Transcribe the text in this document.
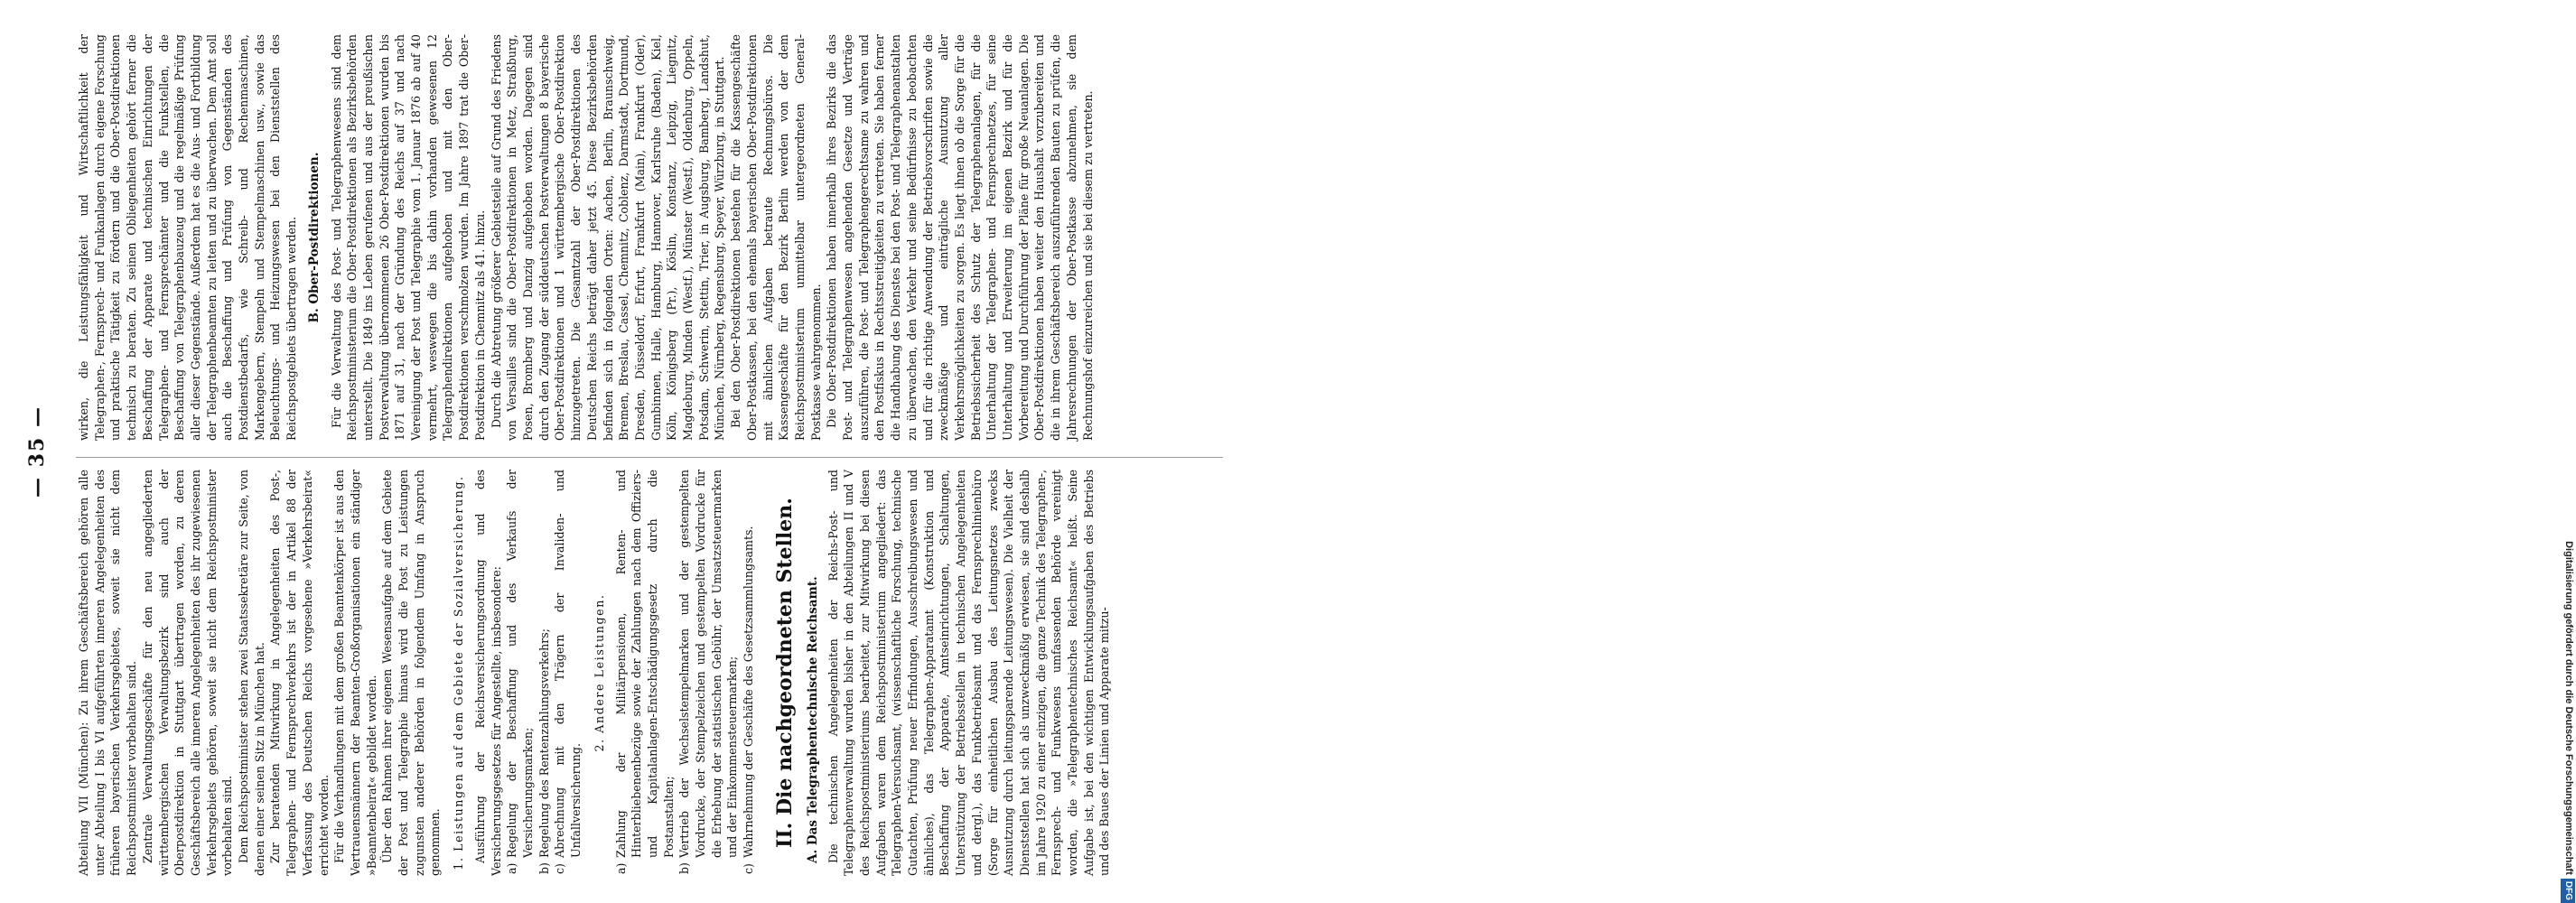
— 35 —

Abteilung VII (München): Zu ihrem Geschäftsbereich gehören alle unter Abteilung I bis VI aufgeführten inneren Angelegenheiten des früheren bayerischen Verkehrsgebietes, soweit sie nicht dem Reichspostminister vorbehalten sind. Zentrale Verwaltungsgeschäfte für den neu angegliederten württembergischen Verwaltungsbezirk sind auch der Oberpostdirektion in Stuttgart übertragen worden, zu deren Geschäftsbereich alle inneren Angelegenheiten des ihr zugewiesenen Verkehrsgebiets gehören, soweit sie nicht dem Reichspostminister vorbehalten sind. Dem Reichspostminister stehen zwei Staatssekretäre zur Seite, von denen einer seinen Sitz in München hat. Zur beratenden Mitwirkung in Angelegenheiten des Post-, Telegraphen- und Fernsprechverkehrs ist der in Artikel 88 der Verfassung des Deutschen Reichs vorgesehene »Verkehrsbeirat« errichtet worden. Für die Verhandlungen mit dem großen Beamtenkörper ist aus den Vertrauensmännern der Beamten-Großorganisationen ein ständiger »Beamtenbeirat« gebildet worden. Über den Rahmen ihrer eigenen Wesensaufgabe auf dem Gebiete der Post und Telegraphie hinaus wird die Post zu Leistungen zugunsten anderer Behörden in folgendem Umfang in Anspruch genommen. 1. Leistungen auf dem Gebiete der Sozialversicherung. Ausführung der Reichsversicherungsordnung und des Versicherungsgesetzes für Angestellte, insbesondere: a)
Regelung der Beschaffung und des Verkaufs der Versicherungsmarken;
b)
Regelung des Rentenzahlungsverkehrs;
c)
Abrechnung mit den Trägern der Invaliden- und Unfallversicherung.
2. Andere Leistungen.
a)
Zahlung der Militärpensionen, Renten- und Hinterbliebenenbezüge sowie der Zahlungen nach dem Offiziers- und Kapitalanlagen-Entschädigungsgesetz durch die Postanstalten;
b)
Vertrieb der Wechselstempelmarken und der gestempelten Vordrucke, der Stempelzeichen und gestempelten Vordrucke für die Erhebung der statistischen Gebühr, der Umsatzsteuermarken und der Einkommensteuermarken;
c)
Wahrnehmung der Geschäfte des Gesetzsammlungsamts. II. Die nachgeordneten Stellen. A. Das Telegraphentechnische Reichsamt. Die technischen Angelegenheiten der Reichs-Post- und Telegraphenverwaltung wurden bisher in den Abteilungen II und V des Reichspostministeriums bearbeitet, zur Mitwirkung bei diesen Aufgaben waren dem Reichspostministerium angegliedert: das Telegraphen-Versuchsamt, (wissenschaftliche Forschung, technische Gutachten, Prüfung neuer Erfindungen, Ausschreibungswesen und ähnliches), das Telegraphen-Apparatamt (Konstruktion und Beschaffung der Apparate, Amtseinrichtungen, Schaltungen, Unterstützung der Betriebsstellen in technischen Angelegenheiten und dergl.), das Funkbetriebsamt und das Fernsprechlinienbüro (Sorge für einheitlichen Ausbau des Leitungsnetzes zwecks Ausnutzung durch leitungsparende Leitungswesen). Die Vielheit der Dienststellen hat sich als unzweckmäßig erwiesen, sie sind deshalb im Jahre 1920 zu einer einzigen, die ganze Technik des Telegraphen-, Fernsprech- und Funkwesens umfassenden Behörde vereinigt worden, die »Telegraphentechnisches Reichsamt« heißt. Seine Aufgabe ist, bei den wichtigen Entwicklungsaufgaben des Betriebs und des Baues der Linien und Apparate mitzu-

wirken, die Leistungsfähigkeit und Wirtschaftlichkeit der Telegraphen-, Fernsprech- und Funkanlagen durch eigene Forschung und praktische Tätigkeit zu fördern und die Ober-Postdirektionen technisch zu beraten. Zu seinen Obliegenheiten gehört ferner die Beschaffung der Apparate und technischen Einrichtungen der Telegraphen- und Fernsprechämter und die Funkstellen, die Beschaffung von Telegraphenbauzeug und die regelmäßige Prüfung aller dieser Gegenstände. Außerdem hat es die Aus- und Fortbildung der Telegraphenbeamten zu leiten und zu überwachen. Dem Amt soll auch die Beschaffung und Prüfung von Gegenständen des Postdienstbedarfs, wie Schreib- und Rechenmaschinen, Markengebern, Stempeln und Stempelmaschinen usw., sowie das Beleuchtungs- und Heizungswesen bei den Dienststellen des Reichspostgebiets übertragen werden. B. Ober-Postdirektionen. Für die Verwaltung des Post- und Telegraphenwesens sind dem Reichspostministerium die Ober-Postdirektionen als Bezirksbehörden unterstellt. Die 1849 ins Leben gerufenen und aus der preußischen Postverwaltung übernommenen 26 Ober-Postdirektionen wurden bis 1871 auf 31, nach der Gründung des Reichs auf 37 und nach Vereinigung der Post und Telegraphie vom 1. Januar 1876 ab auf 40 vermehrt, weswegen die bis dahin vorhanden gewesenen 12 Telegraphendirektionen aufgehoben und mit den Ober-Postdirektionen verschmolzen wurden. Im Jahre 1897 trat die Ober-Postdirektion in Chemnitz als 41. hinzu. Durch die Abtretung größerer Gebietsteile auf Grund des Friedens von Versailles sind die Ober-Postdirektionen in Metz, Straßburg, Posen, Bromberg und Danzig aufgehoben worden. Dagegen sind durch den Zugang der süddeutschen Postverwaltungen 8 bayerische Ober-Postdirektionen und 1 württembergische Ober-Postdirektion hinzugetreten. Die Gesamtzahl der Ober-Postdirektionen des Deutschen Reichs beträgt daher jetzt 45. Diese Bezirksbehörden befinden sich in folgenden Orten: Aachen, Berlin, Braunschweig, Bremen, Breslau, Cassel, Chemnitz, Coblenz, Darmstadt, Dortmund, Dresden, Düsseldorf, Erfurt, Frankfurt (Main), Frankfurt (Oder), Gumbinnen, Halle, Hamburg, Hannover, Karlsruhe (Baden), Kiel, Köln, Königsberg (Pr.), Köslin, Konstanz, Leipzig, Liegnitz, Magdeburg, Minden (Westf.), Münster (Westf.), Oldenburg, Oppeln, Potsdam, Schwerin, Stettin, Trier, in Augsburg, Bamberg, Landshut, München, Nürnberg, Regensburg, Speyer, Würzburg, in Stuttgart. Bei den Ober-Postdirektionen bestehen für die Kassengeschäfte Ober-Postkassen, bei den ehemals bayerischen Ober-Postdirektionen mit ähnlichen Aufgaben betraute Rechnungsbüros. Die Kassengeschäfte für den Bezirk Berlin werden von der dem Reichspostministerium unmittelbar untergeordneten General-Postkasse wahrgenommen. Die Ober-Postdirektionen haben innerhalb ihres Bezirks die das Post- und Telegraphenwesen angehenden Gesetze und Verträge auszuführen, die Post- und Telegraphengerechtsame zu wahren und den Postfiskus in Rechtsstreitigkeiten zu vertreten. Sie haben ferner die Handhabung des Dienstes bei den Post- und Telegraphenanstalten zu überwachen, den Verkehr und seine Bedürfnisse zu beobachten und für die richtige Anwendung der Betriebsvorschriften sowie die zweckmäßige und einträgliche Ausnutzung aller Verkehrsmöglichkeiten zu sorgen. Es liegt ihnen ob die Sorge für die Betriebssicherheit des Schutz der Telegraphenanlagen, für die Unterhaltung der Telegraphen- und Fernsprechnetzes, für seine Unterhaltung und Erweiterung im eigenen Bezirk und für die Vorbereitung und Durchführung der Pläne für große Neuanlagen. Die Ober-Postdirektionen haben weiter den Haushalt vorzubereiten und die in ihrem Geschäftsbereich auszuführenden Bauten zu prüfen, die Jahresrechnungen der Ober-Postkasse abzunehmen, sie dem Rechnungshof einzureichen und sie bei diesem zu vertreten.

Digitalisierung gefördert durch die Deutsche ForschungsgemeinschaftDFG
